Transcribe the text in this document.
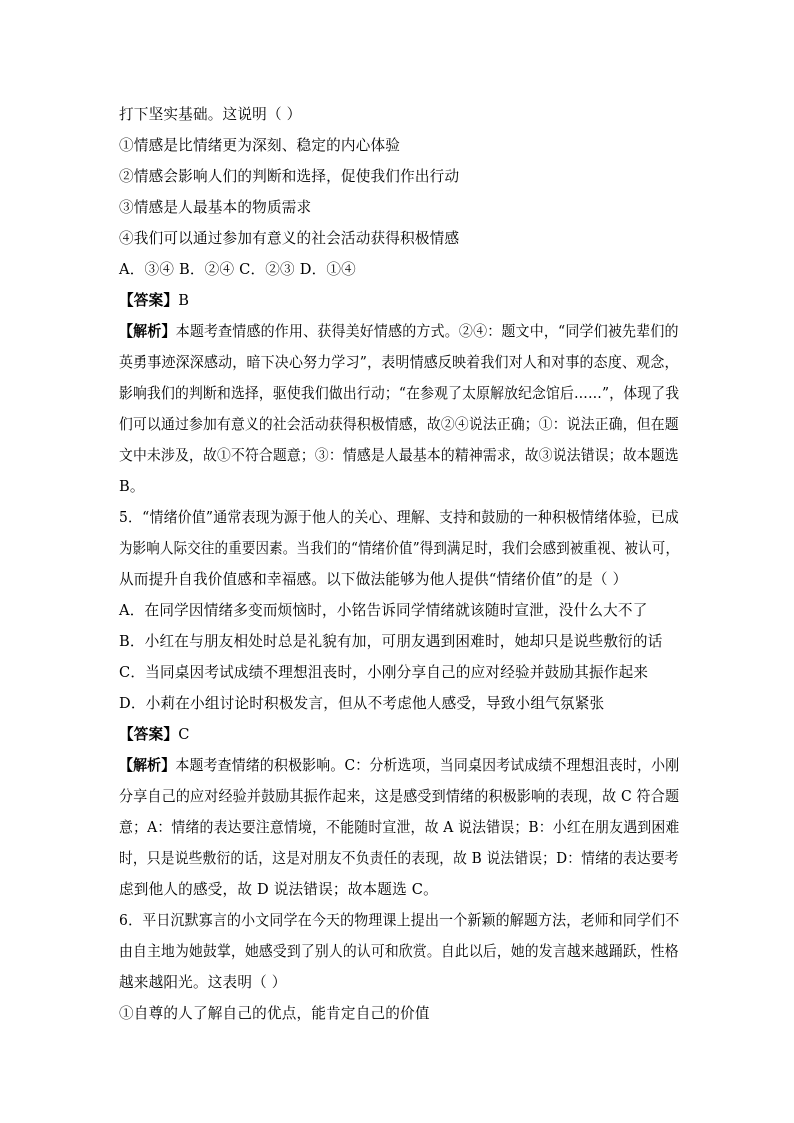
打下坚实基础。这说明（ ）
①情感是比情绪更为深刻、稳定的内心体验
②情感会影响人们的判断和选择，促使我们作出行动
③情感是人最基本的物质需求
④我们可以通过参加有意义的社会活动获得积极情感
A．③④ B．②④ C．②③ D．①④
【答案】B
【解析】本题考查情感的作用、获得美好情感的方式。②④：题文中，“同学们被先辈们的
英勇事迹深深感动，暗下决心努力学习”，表明情感反映着我们对人和对事的态度、观念，
影响我们的判断和选择，驱使我们做出行动；“在参观了太原解放纪念馆后……”，体现了我
们可以通过参加有意义的社会活动获得积极情感，故②④说法正确；①：说法正确，但在题
文中未涉及，故①不符合题意；③：情感是人最基本的精神需求，故③说法错误；故本题选
B。
5．“情绪价值”通常表现为源于他人的关心、理解、支持和鼓励的一种积极情绪体验，已成
为影响人际交往的重要因素。当我们的“情绪价值”得到满足时，我们会感到被重视、被认可，
从而提升自我价值感和幸福感。以下做法能够为他人提供“情绪价值”的是（ ）
A．在同学因情绪多变而烦恼时，小铭告诉同学情绪就该随时宣泄，没什么大不了
B．小红在与朋友相处时总是礼貌有加，可朋友遇到困难时，她却只是说些敷衍的话
C．当同桌因考试成绩不理想沮丧时，小刚分享自己的应对经验并鼓励其振作起来
D．小莉在小组讨论时积极发言，但从不考虑他人感受，导致小组气氛紧张
【答案】C
【解析】本题考查情绪的积极影响。C：分析选项，当同桌因考试成绩不理想沮丧时，小刚
分享自己的应对经验并鼓励其振作起来，这是感受到情绪的积极影响的表现，故 C 符合题
意；A：情绪的表达要注意情境，不能随时宣泄，故 A 说法错误；B：小红在朋友遇到困难
时，只是说些敷衍的话，这是对朋友不负责任的表现，故 B 说法错误；D：情绪的表达要考
虑到他人的感受，故 D 说法错误；故本题选 C。
6．平日沉默寡言的小文同学在今天的物理课上提出一个新颖的解题方法，老师和同学们不
由自主地为她鼓掌，她感受到了别人的认可和欣赏。自此以后，她的发言越来越踊跃，性格
越来越阳光。这表明（ ）
①自尊的人了解自己的优点，能肯定自己的价值
